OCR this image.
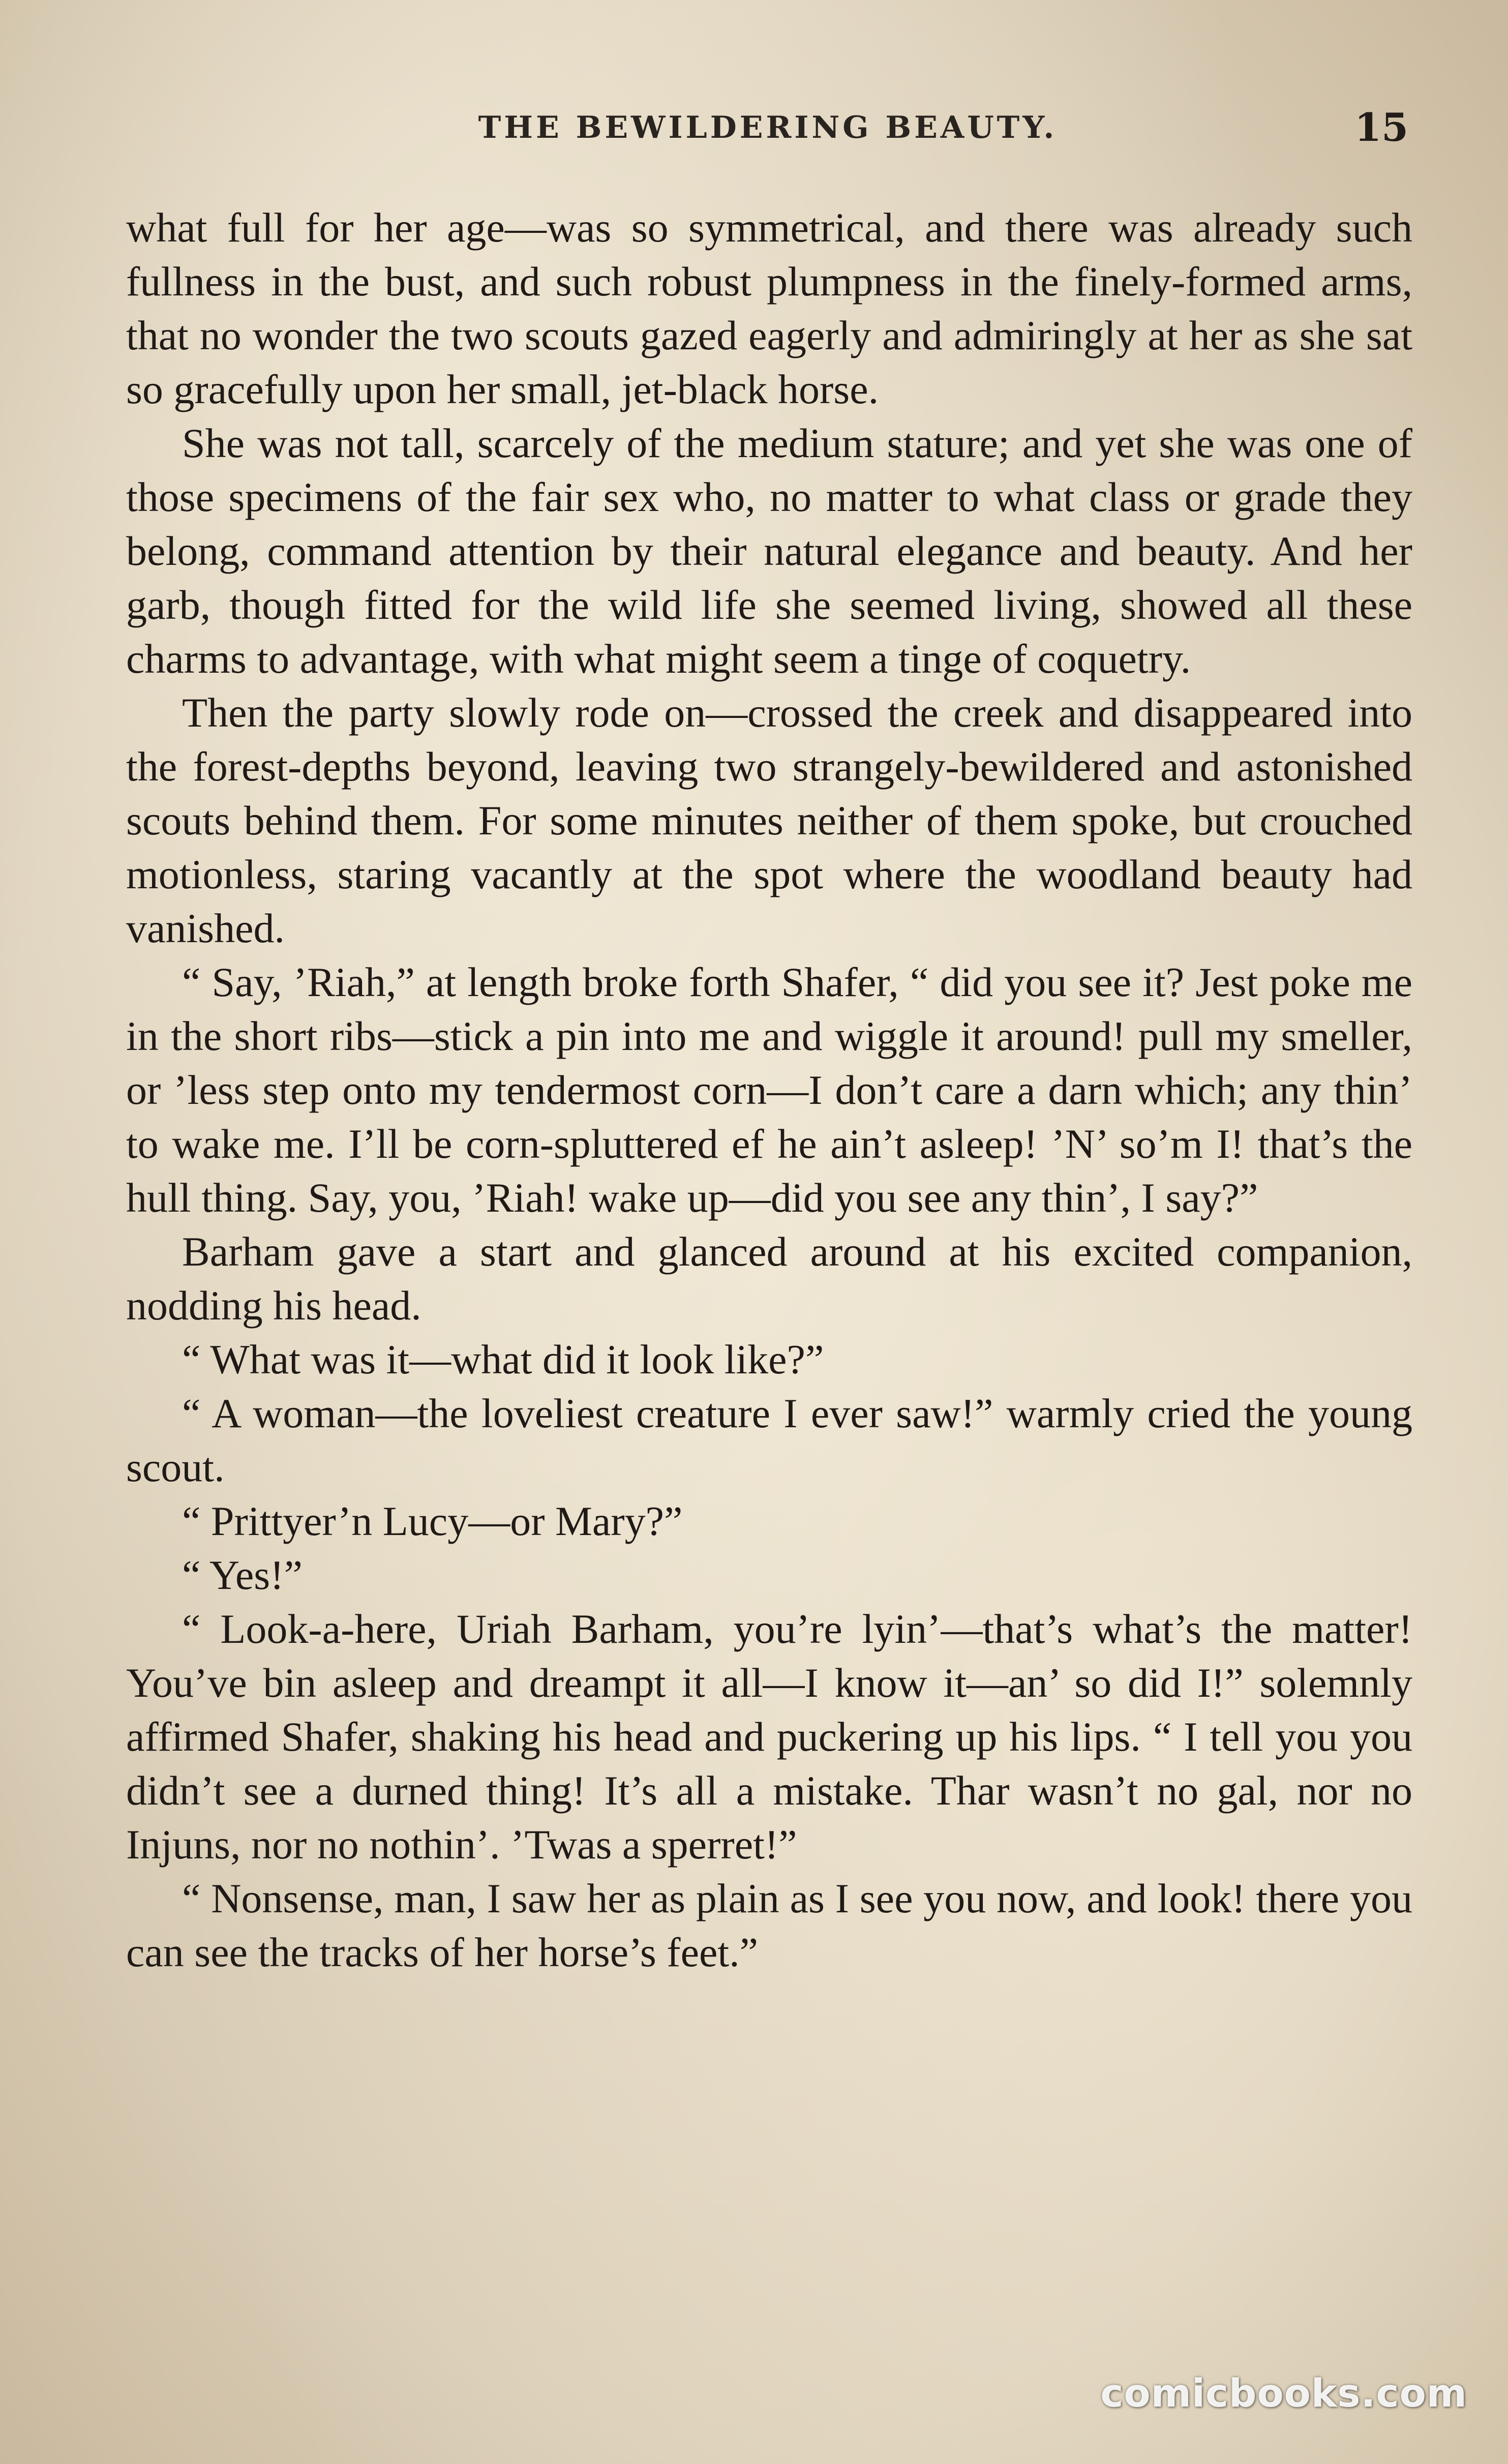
THE BEWILDERING BEAUTY.	15

what full for her age—was so symmetrical, and there was already such fullness in the bust, and such robust plumpness in the finely-formed arms, that no wonder the two scouts gazed eagerly and admiringly at her as she sat so gracefully upon her small, jet-black horse.

She was not tall, scarcely of the medium stature; and yet she was one of those specimens of the fair sex who, no matter to what class or grade they belong, command attention by their natural elegance and beauty. And her garb, though fitted for the wild life she seemed living, showed all these charms to advantage, with what might seem a tinge of coquetry.

Then the party slowly rode on—crossed the creek and disappeared into the forest-depths beyond, leaving two strangely-bewildered and astonished scouts behind them. For some minutes neither of them spoke, but crouched motionless, staring vacantly at the spot where the woodland beauty had vanished.

“ Say, ’Riah,” at length broke forth Shafer, “ did you see it? Jest poke me in the short ribs—stick a pin into me and wiggle it around! pull my smeller, or ’less step onto my tendermost corn—I don’t care a darn which; any thin’ to wake me. I’ll be corn-spluttered ef he ain’t asleep! ’N’ so’m I! that’s the hull thing. Say, you, ’Riah! wake up—did you see any thin’, I say?”

Barham gave a start and glanced around at his excited companion, nodding his head.

“ What was it—what did it look like?”

“ A woman—the loveliest creature I ever saw!” warmly cried the young scout.

“ Prittyer’n Lucy—or Mary?”

“ Yes!”

“ Look-a-here, Uriah Barham, you’re lyin’—that’s what’s the matter! You’ve bin asleep and dreampt it all—I know it—an’ so did I!” solemnly affirmed Shafer, shaking his head and puckering up his lips. “ I tell you you didn’t see a durned thing! It’s all a mistake. Thar wasn’t no gal, nor no Injuns, nor no nothin’. ’Twas a sperret!”

“ Nonsense, man, I saw her as plain as I see you now, and look! there you can see the tracks of her horse’s feet.”

comicbooks.com
